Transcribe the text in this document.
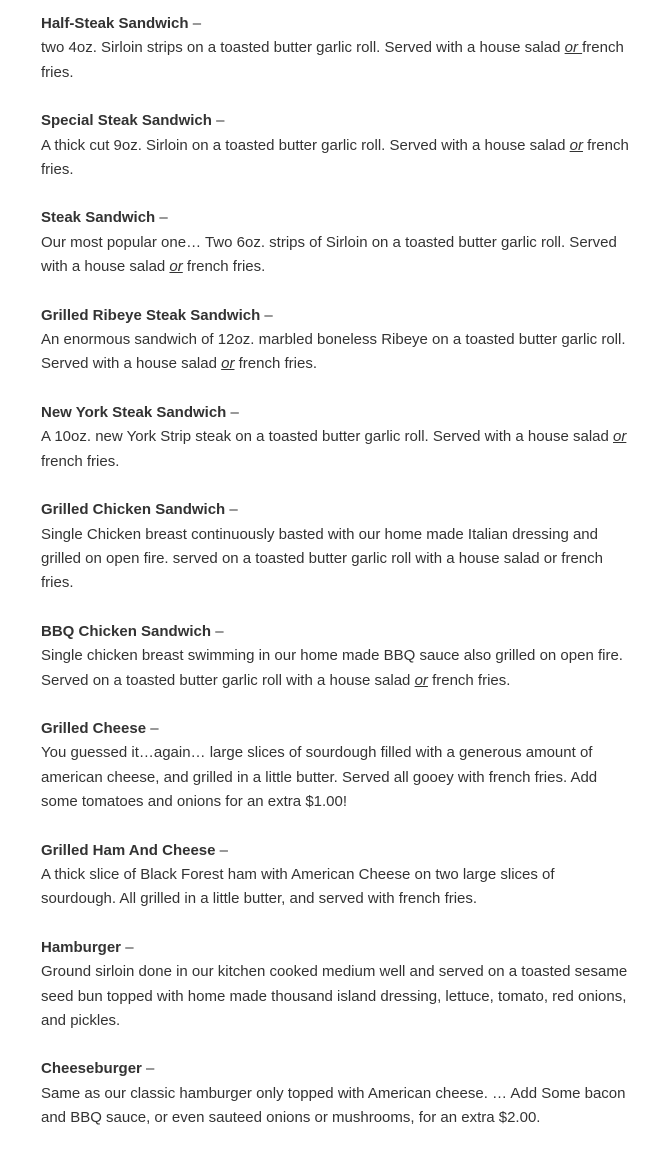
Half-Steak Sandwich –
two 4oz. Sirloin strips on a toasted butter garlic roll. Served with a house salad or french fries.
Special Steak Sandwich –
A thick cut 9oz. Sirloin on a toasted butter garlic roll. Served with a house salad or french fries.
Steak Sandwich –
Our most popular one… Two 6oz. strips of Sirloin on a toasted butter garlic roll. Served with a house salad or french fries.
Grilled Ribeye Steak Sandwich –
An enormous sandwich of 12oz. marbled boneless Ribeye on a toasted butter garlic roll. Served with a house salad or french fries.
New York Steak Sandwich –
A 10oz. new York Strip steak on a toasted butter garlic roll. Served with a house salad or french fries.
Grilled Chicken Sandwich –
Single Chicken breast continuously basted with our home made Italian dressing and grilled on open fire. served on a toasted butter garlic roll with a house salad or french fries.
BBQ Chicken Sandwich –
Single chicken breast swimming in our home made BBQ sauce also grilled on open fire. Served on a toasted butter garlic roll with a house salad or french fries.
Grilled Cheese –
You guessed it…again… large slices of sourdough filled with a generous amount of american cheese, and grilled in a little butter. Served all gooey with french fries. Add some tomatoes and onions for an extra $1.00!
Grilled Ham And Cheese –
A thick slice of Black Forest ham with American Cheese on two large slices of sourdough. All grilled in a little butter, and served with french fries.
Hamburger –
Ground sirloin done in our kitchen cooked medium well and served on a toasted sesame seed bun topped with home made thousand island dressing, lettuce, tomato, red onions, and pickles.
Cheeseburger –
Same as our classic hamburger only topped with American cheese. … Add Some bacon and BBQ sauce, or even sauteed onions or mushrooms, for an extra $2.00.
